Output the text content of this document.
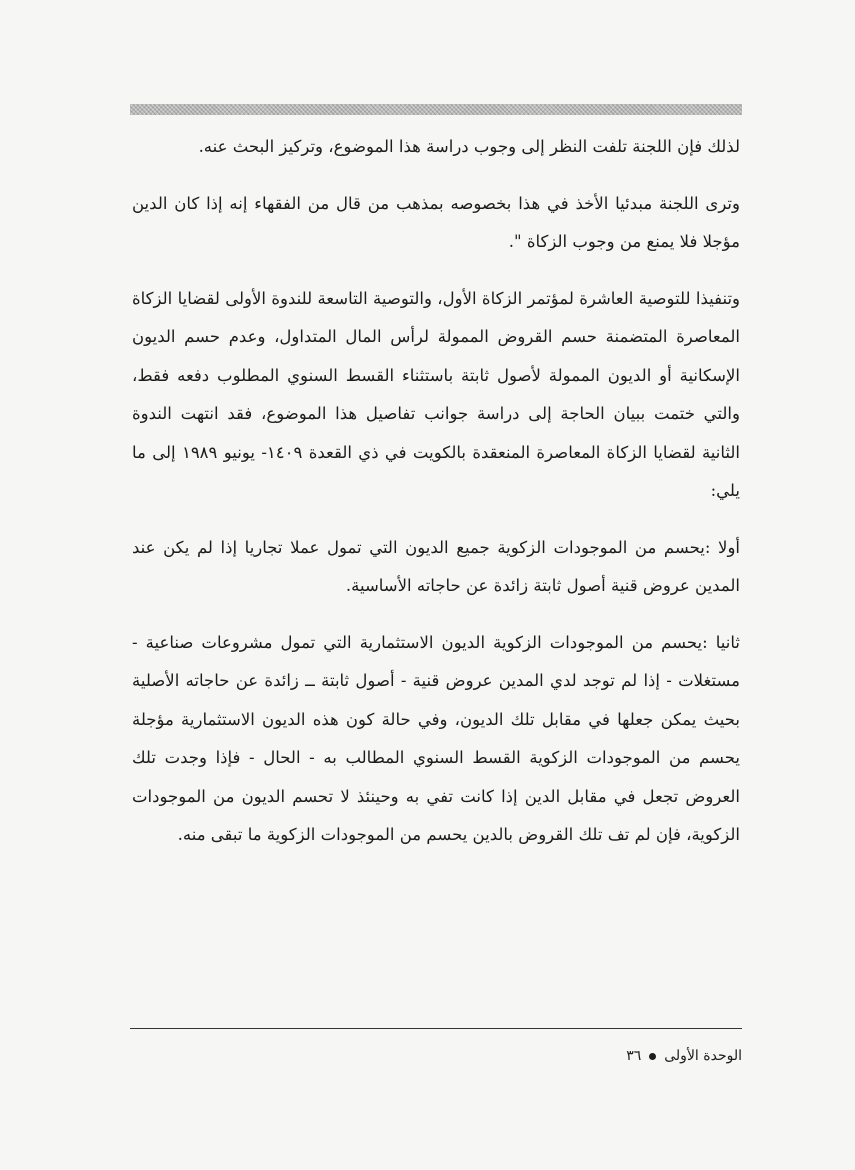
لذلك فإن اللجنة تلفت النظر إلى وجوب دراسة هذا الموضوع، وتركيز البحث عنه.

وترى اللجنة مبدئيا الأخذ في هذا بخصوصه بمذهب من قال من الفقهاء إنه إذا كان الدين مؤجلا فلا يمنع من وجوب الزكاة ".

وتنفيذا للتوصية العاشرة لمؤتمر الزكاة الأول، والتوصية التاسعة للندوة الأولى لقضايا الزكاة المعاصرة المتضمنة حسم القروض الممولة لرأس المال المتداول، وعدم حسم الديون الإسكانية أو الديون الممولة لأصول ثابتة باستثناء القسط السنوي المطلوب دفعه فقط، والتي ختمت ببيان الحاجة إلى دراسة جوانب تفاصيل هذا الموضوع، فقد انتهت الندوة الثانية لقضايا الزكاة المعاصرة المنعقدة بالكويت في ذي القعدة ١٤٠٩- يونيو ١٩٨٩ إلى ما يلي:

أولا :يحسم من الموجودات الزكوية جميع الديون التي تمول عملا تجاريا إذا لم يكن عند المدين عروض قنية أصول ثابتة زائدة عن حاجاته الأساسية.

ثانيا :يحسم من الموجودات الزكوية الديون الاستثمارية التي تمول مشروعات صناعية - مستغلات - إذا لم توجد لدي المدين عروض قنية - أصول ثابتة ــ زائدة عن حاجاته الأصلية بحيث يمكن جعلها في مقابل تلك الديون، وفي حالة كون هذه الديون الاستثمارية مؤجلة يحسم من الموجودات الزكوية القسط السنوي المطالب به - الحال - فإذا وجدت تلك العروض تجعل في مقابل الدين إذا كانت تفي به وحينئذ لا تحسم الديون من الموجودات الزكوية، فإن لم تف تلك القروض بالدين يحسم من الموجودات الزكوية ما تبقى منه.

الوحدة الأولى
٣٦
